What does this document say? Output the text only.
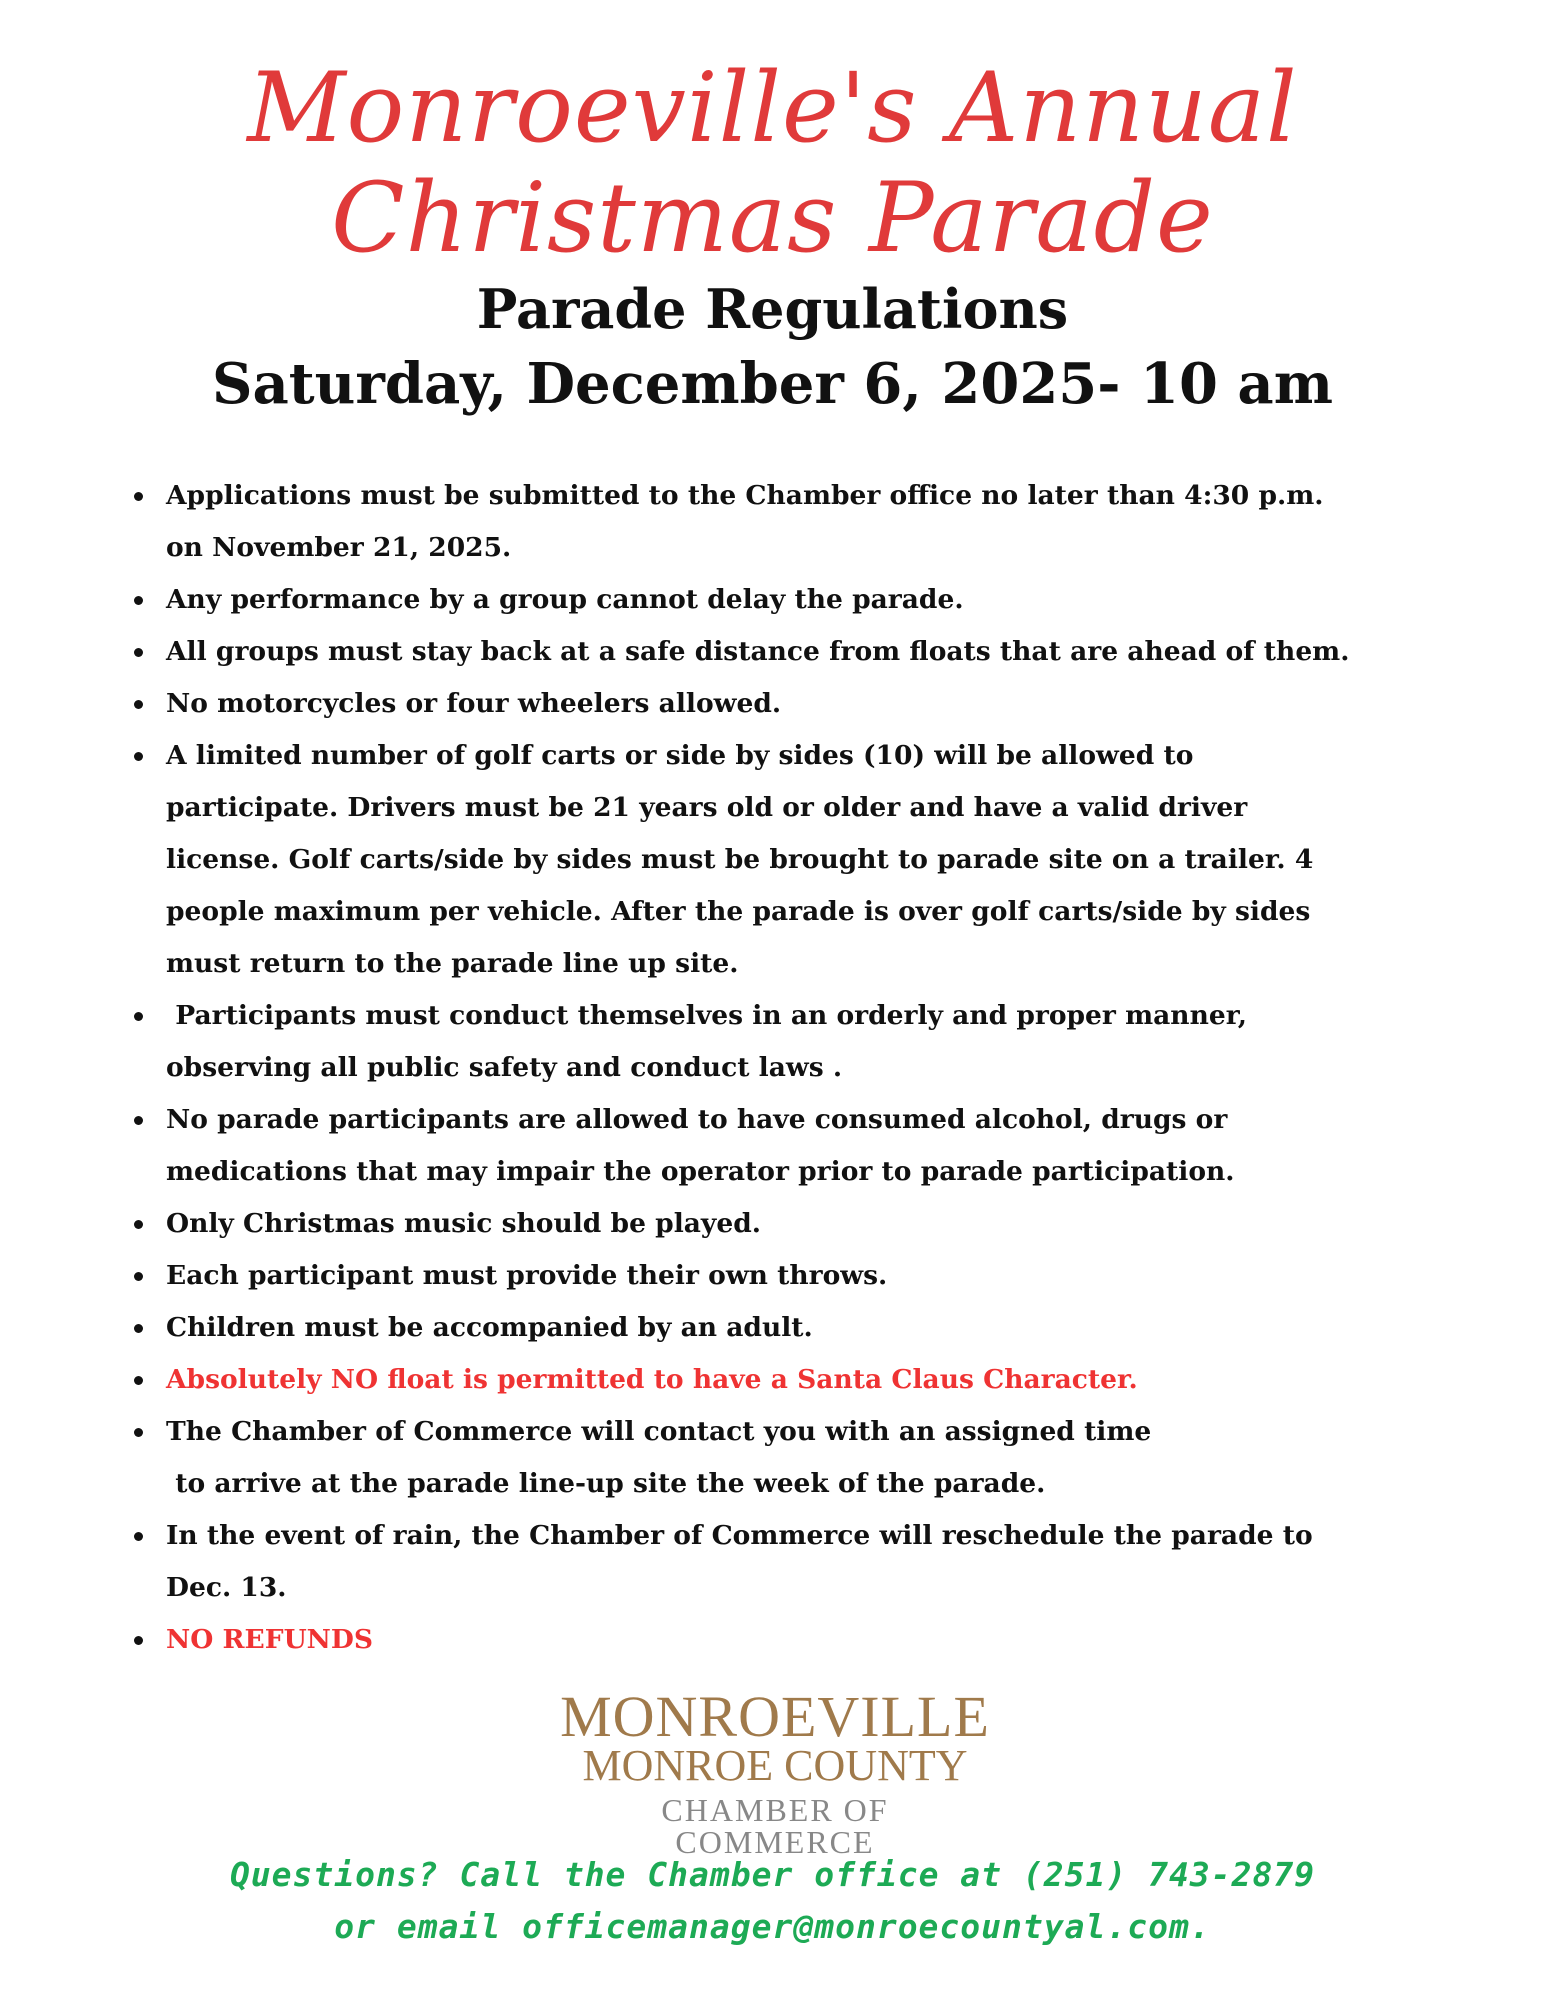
Monroeville's Annual
Christmas Parade
Parade Regulations
Saturday, December 6, 2025- 10 am
Applications must be submitted to the Chamber office no later than 4:30 p.m.
on November 21, 2025.
Any performance by a group cannot delay the parade.
All groups must stay back at a safe distance from floats that are ahead of them.
No motorcycles or four wheelers allowed.
A limited number of golf carts or side by sides (10) will be allowed to
participate. Drivers must be 21 years old or older and have a valid driver
license. Golf carts/side by sides must be brought to parade site on a trailer. 4
people maximum per vehicle. After the parade is over golf carts/side by sides
must return to the parade line up site.
Participants must conduct themselves in an orderly and proper manner,
observing all public safety and conduct laws .
No parade participants are allowed to have consumed alcohol, drugs or
medications that may impair the operator prior to parade participation.
Only Christmas music should be played.
Each participant must provide their own throws.
Children must be accompanied by an adult.
Absolutely NO float is permitted to have a Santa Claus Character.
The Chamber of Commerce will contact you with an assigned time
to arrive at the parade line-up site the week of the parade.
In the event of rain, the Chamber of Commerce will reschedule the parade to
Dec. 13.
NO REFUNDS
MONROEVILLE
MONROE COUNTY
CHAMBER OF COMMERCE
Questions? Call the Chamber office at (251) 743-2879
or email officemanager@monroecountyal.com.
